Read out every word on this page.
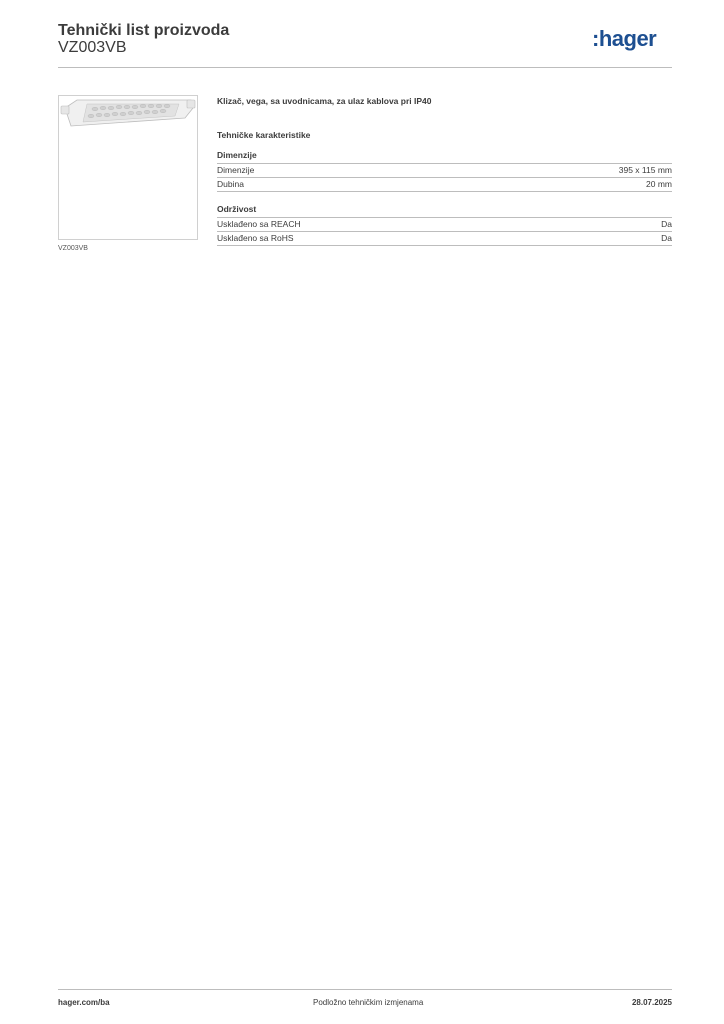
Tehnički list proizvoda
VZ003VB	:hager
VZ003VB
Klizač, vega, sa uvodnicama, za ulaz kablova pri IP40
Tehničke karakteristike
Dimenzije
Dimenzije	395 x 115 mm
Dubina	20 mm
Održivost
Usklađeno sa REACH	Da
Usklađeno sa RoHS	Da
hager.com/ba	Podložno tehničkim izmjenama	28.07.2025
